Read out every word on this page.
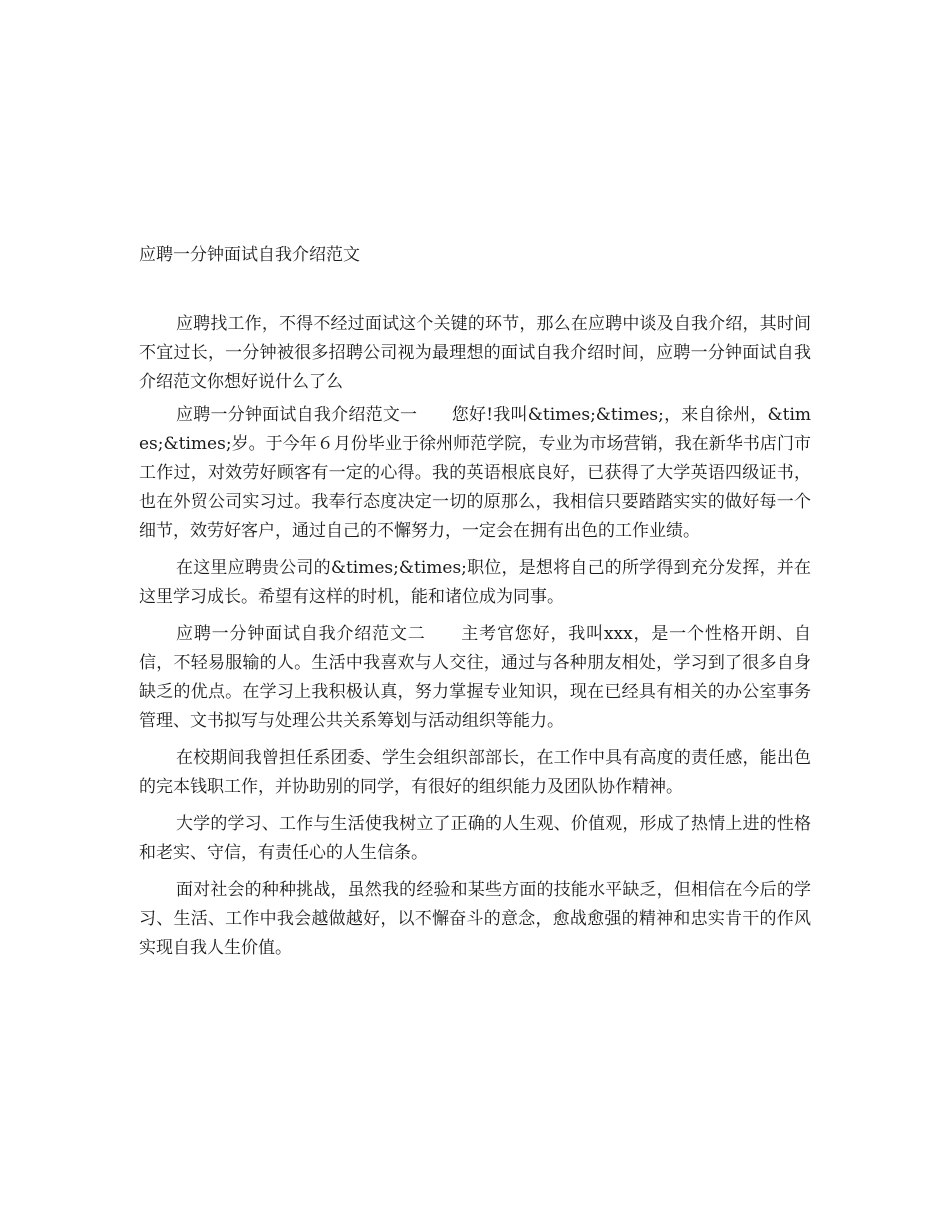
应聘一分钟面试自我介绍范文

应聘找工作，不得不经过面试这个关键的环节，那么在应聘中谈及自我介绍，其时间不宜过长，一分钟被很多招聘公司视为最理想的面试自我介绍时间，应聘一分钟面试自我介绍范文你想好说什么了么

应聘一分钟面试自我介绍范文一　　您好!我叫&times;&times;，来自徐州，&times;&times;岁。于今年６月份毕业于徐州师范学院，专业为市场营销，我在新华书店门市工作过，对效劳好顾客有一定的心得。我的英语根底良好，已获得了大学英语四级证书，也在外贸公司实习过。我奉行态度决定一切的原那么，我相信只要踏踏实实的做好每一个细节，效劳好客户，通过自己的不懈努力，一定会在拥有出色的工作业绩。

在这里应聘贵公司的&times;&times;职位，是想将自己的所学得到充分发挥，并在这里学习成长。希望有这样的时机，能和诸位成为同事。

应聘一分钟面试自我介绍范文二　　主考官您好，我叫xxx，是一个性格开朗、自信，不轻易服输的人。生活中我喜欢与人交往，通过与各种朋友相处，学习到了很多自身缺乏的优点。在学习上我积极认真，努力掌握专业知识，现在已经具有相关的办公室事务管理、文书拟写与处理公共关系筹划与活动组织等能力。

在校期间我曾担任系团委、学生会组织部部长，在工作中具有高度的责任感，能出色的完本钱职工作，并协助别的同学，有很好的组织能力及团队协作精神。

大学的学习、工作与生活使我树立了正确的人生观、价值观，形成了热情上进的性格和老实、守信，有责任心的人生信条。

面对社会的种种挑战，虽然我的经验和某些方面的技能水平缺乏，但相信在今后的学习、生活、工作中我会越做越好，以不懈奋斗的意念，愈战愈强的精神和忠实肯干的作风实现自我人生价值。
